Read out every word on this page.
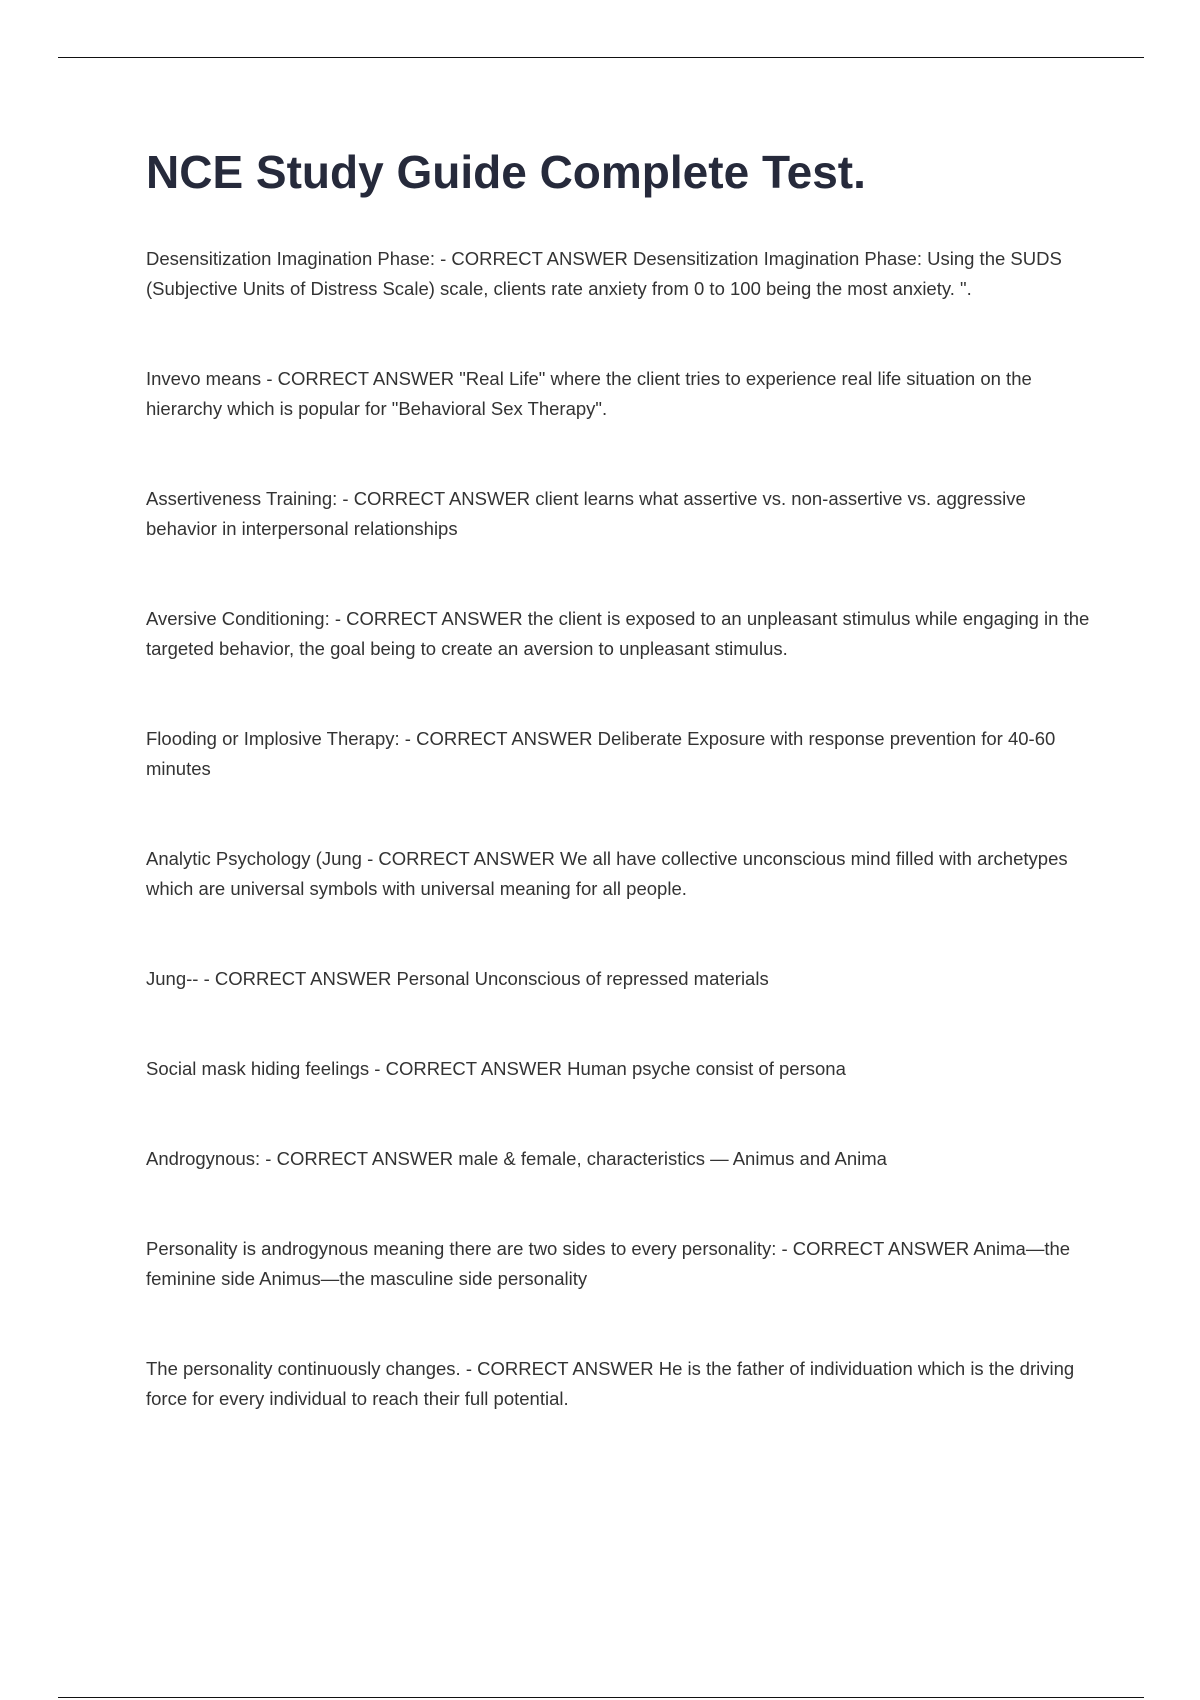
NCE Study Guide Complete Test.

Desensitization Imagination Phase: - CORRECT ANSWER Desensitization Imagination Phase: Using the SUDS (Subjective Units of Distress Scale) scale, clients rate anxiety from 0 to 100 being the most anxiety. ".

Invevo means - CORRECT ANSWER "Real Life" where the client tries to experience real life situation on the hierarchy which is popular for "Behavioral Sex Therapy".

Assertiveness Training: - CORRECT ANSWER client learns what assertive vs. non-assertive vs. aggressive behavior in interpersonal relationships

Aversive Conditioning: - CORRECT ANSWER the client is exposed to an unpleasant stimulus while engaging in the targeted behavior, the goal being to create an aversion to unpleasant stimulus.

Flooding or Implosive Therapy: - CORRECT ANSWER Deliberate Exposure with response prevention for 40-60 minutes

Analytic Psychology (Jung - CORRECT ANSWER We all have collective unconscious mind filled with archetypes which are universal symbols with universal meaning for all people.

Jung-- - CORRECT ANSWER Personal Unconscious of repressed materials

Social mask hiding feelings - CORRECT ANSWER Human psyche consist of persona

Androgynous: - CORRECT ANSWER male & female, characteristics — Animus and Anima

Personality is androgynous meaning there are two sides to every personality: - CORRECT ANSWER Anima—the feminine side Animus—the masculine side personality

The personality continuously changes. - CORRECT ANSWER He is the father of individuation which is the driving force for every individual to reach their full potential.
